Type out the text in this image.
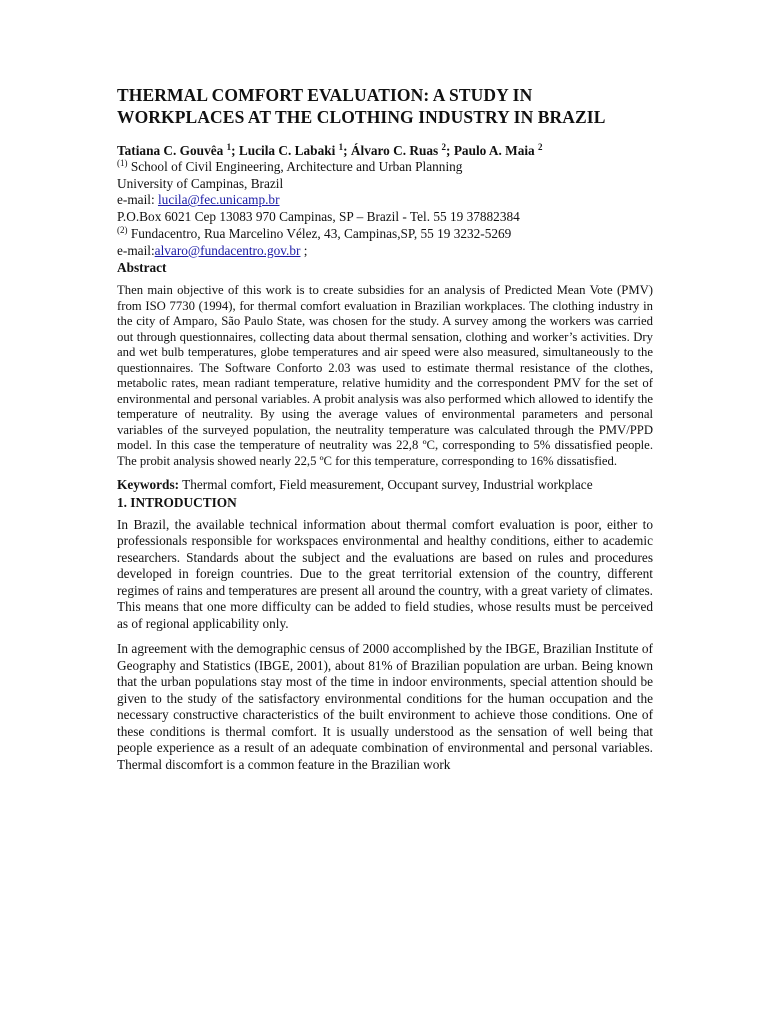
THERMAL COMFORT EVALUATION: A STUDY IN
WORKPLACES AT THE CLOTHING INDUSTRY IN BRAZIL
Tatiana C. Gouvêa $^1$; Lucila C. Labaki $^1$; Álvaro C. Ruas $^2$; Paulo A. Maia $^2$
$^{(1)}$ School of Civil Engineering, Architecture and Urban Planning
University of Campinas, Brazil
e-mail: lucila@fec.unicamp.br
P.O.Box 6021 Cep 13083 970 Campinas, SP – Brazil - Tel. 55 19 37882384
$^{(2)}$ Fundacentro, Rua Marcelino Vélez, 43, Campinas,SP, 55 19 3232-5269
e-mail:alvaro@fundacentro.gov.br ;
Abstract
Then main objective of this work is to create subsidies for an analysis of Predicted Mean Vote (PMV) from ISO 7730 (1994), for thermal comfort evaluation in Brazilian workplaces. The clothing industry in the city of Amparo, São Paulo State, was chosen for the study. A survey among the workers was carried out through questionnaires, collecting data about thermal sensation, clothing and worker’s activities. Dry and wet bulb temperatures, globe temperatures and air speed were also measured, simultaneously to the questionnaires. The Software Conforto 2.03 was used to estimate thermal resistance of the clothes, metabolic rates, mean radiant temperature, relative humidity and the correspondent PMV for the set of environmental and personal variables. A probit analysis was also performed which allowed to identify the temperature of neutrality. By using the average values of environmental parameters and personal variables of the surveyed population, the neutrality temperature was calculated through the PMV/PPD model. In this case the temperature of neutrality was 22,8 ºC, corresponding to 5% dissatisfied people. The probit analysis showed nearly 22,5 ºC for this temperature, corresponding to 16% dissatisfied.
Keywords: Thermal comfort, Field measurement, Occupant survey, Industrial workplace
1. INTRODUCTION
In Brazil, the available technical information about thermal comfort evaluation is poor, either to professionals responsible for workspaces environmental and healthy conditions, either to academic researchers. Standards about the subject and the evaluations are based on rules and procedures developed in foreign countries. Due to the great territorial extension of the country, different regimes of rains and temperatures are present all around the country, with a great variety of climates. This means that one more difficulty can be added to field studies, whose results must be perceived as of regional applicability only.
In agreement with the demographic census of 2000 accomplished by the IBGE, Brazilian Institute of Geography and Statistics (IBGE, 2001), about 81% of Brazilian population are urban. Being known that the urban populations stay most of the time in indoor environments, special attention should be given to the study of the satisfactory environmental conditions for the human occupation and the necessary constructive characteristics of the built environment to achieve those conditions. One of these conditions is thermal comfort. It is usually understood as the sensation of well being that people experience as a result of an adequate combination of environmental and personal variables. Thermal discomfort is a common feature in the Brazilian work
